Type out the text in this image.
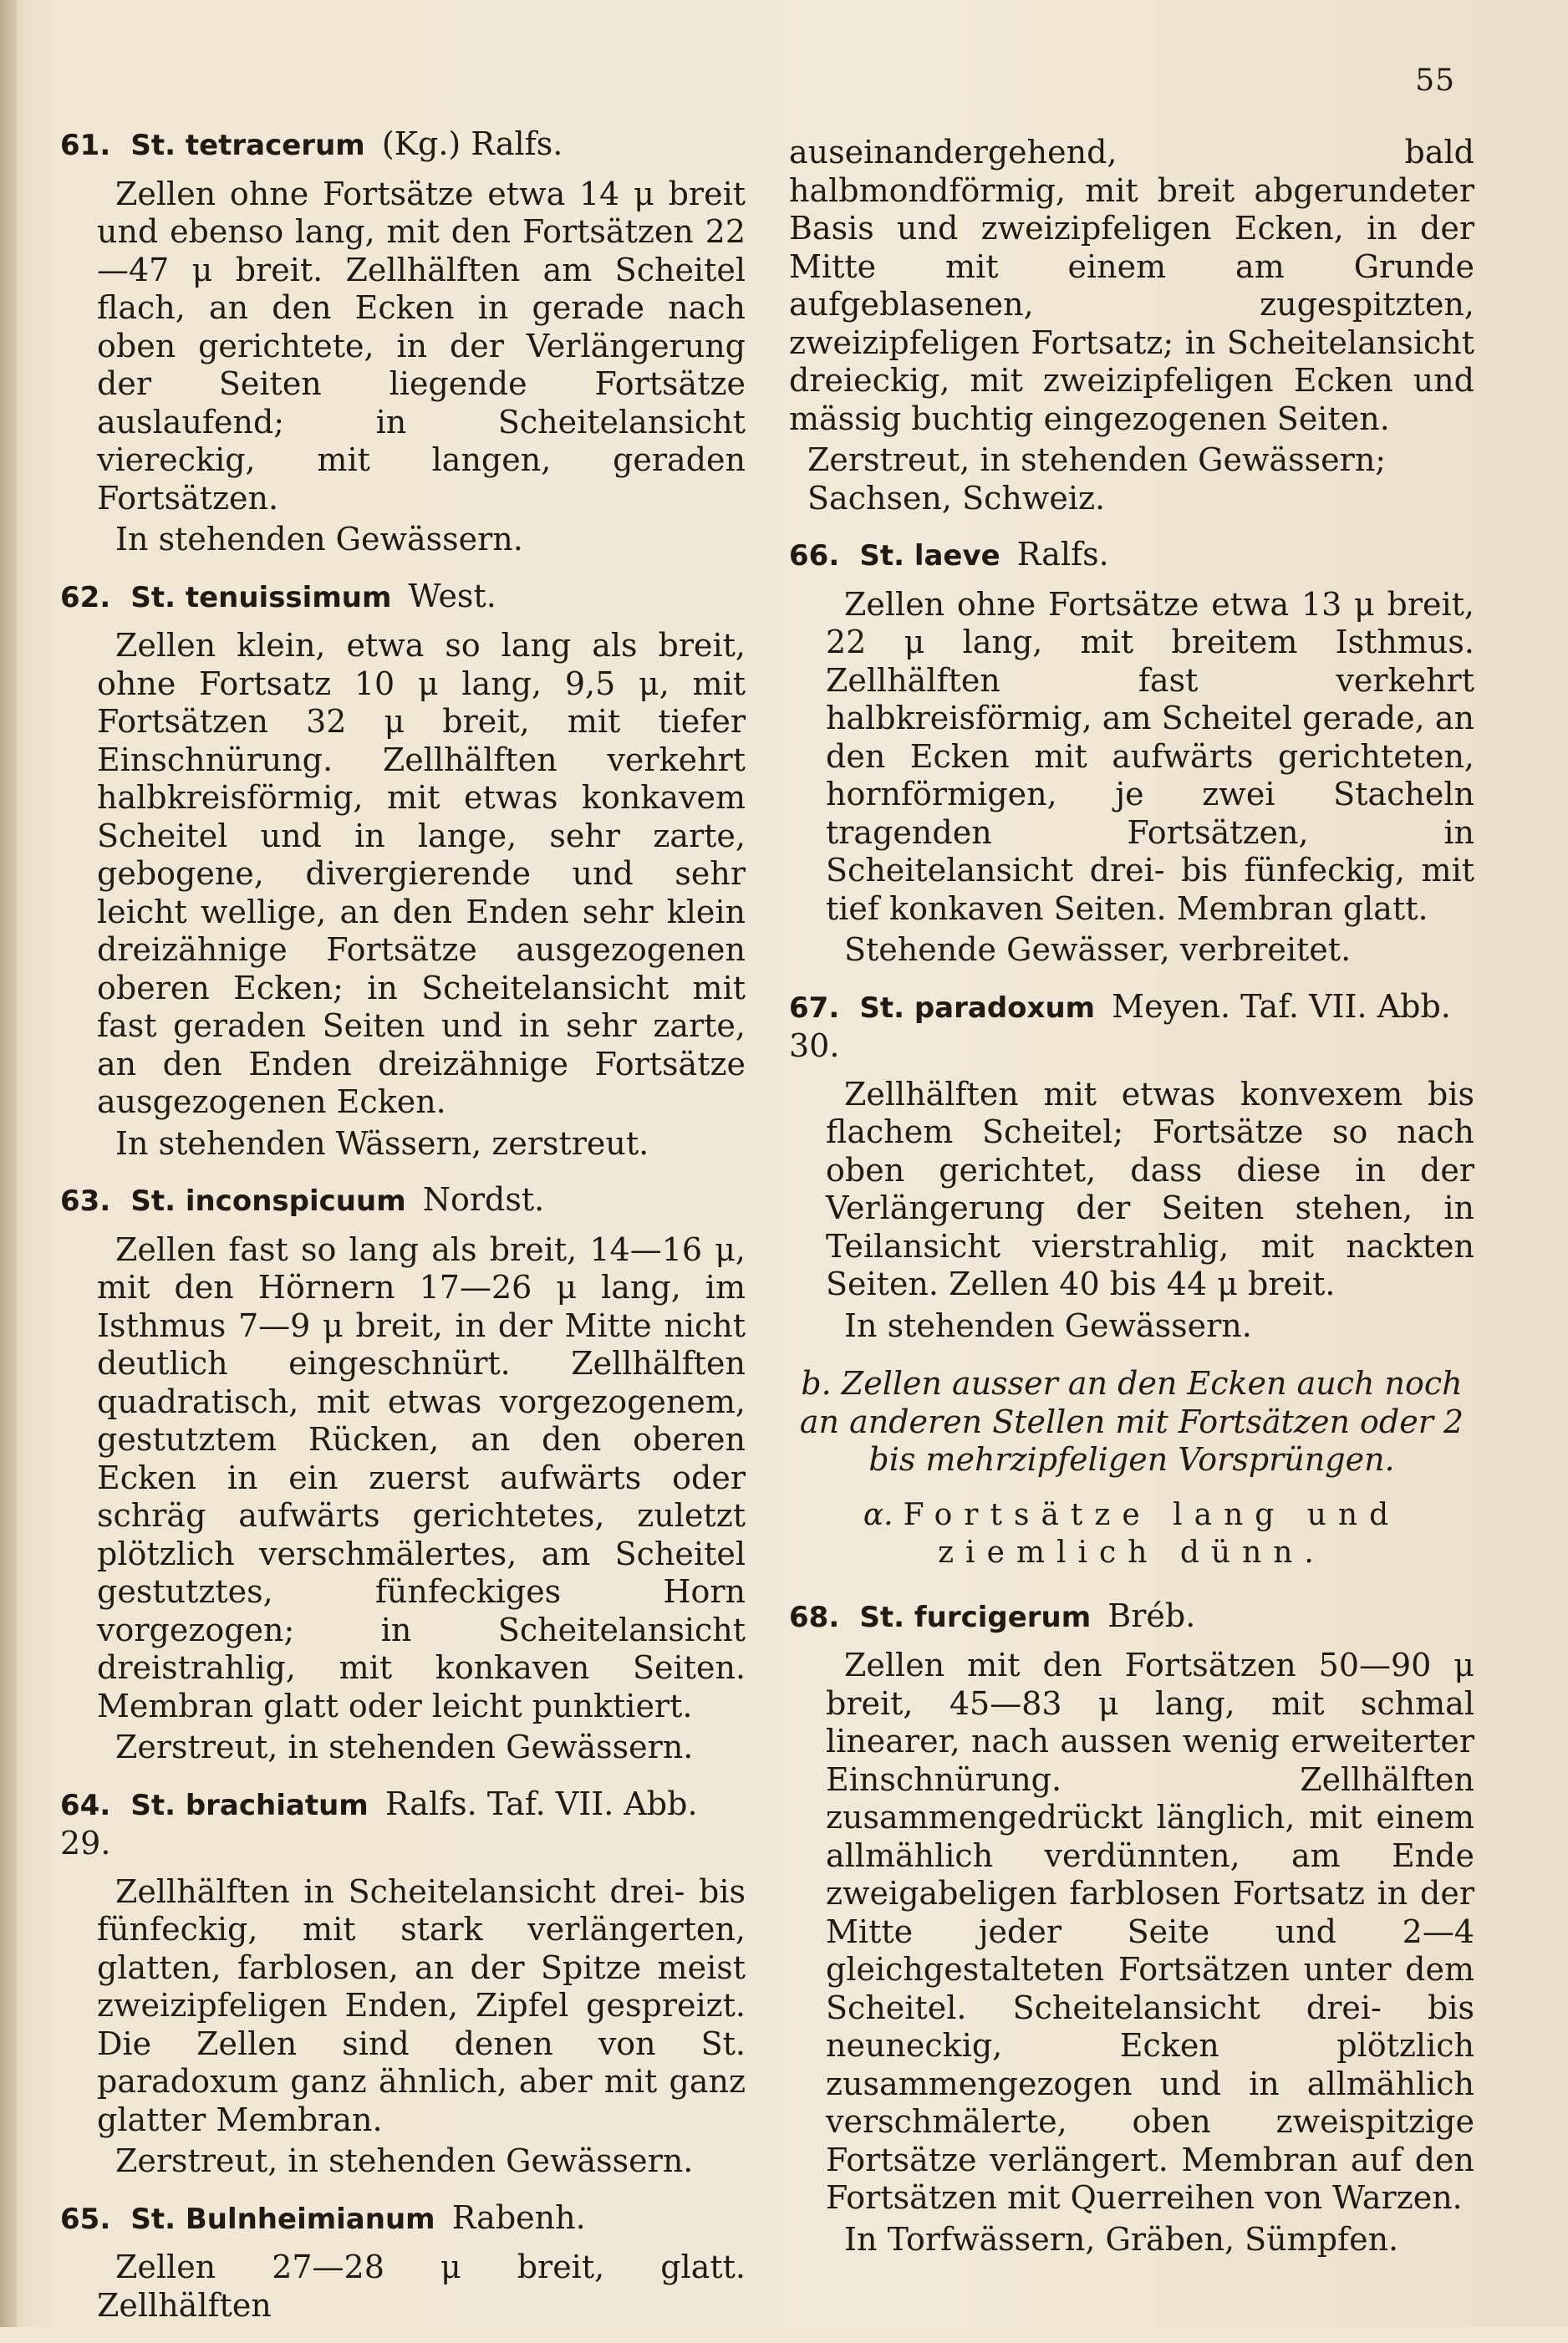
55
61. St. tetracerum (Kg.) Ralfs.

Zellen ohne Fortsätze etwa 14 μ breit und ebenso lang, mit den Fortsätzen 22—47 μ breit. Zellhälften am Scheitel flach, an den Ecken in gerade nach oben gerichtete, in der Verlängerung der Seiten liegende Fortsätze auslaufend; in Scheitelansicht viereckig, mit langen, geraden Fortsätzen.

In stehenden Gewässern.

62. St. tenuissimum West.

Zellen klein, etwa so lang als breit, ohne Fortsatz 10 μ lang, 9,5 μ, mit Fortsätzen 32 μ breit, mit tiefer Einschnürung. Zellhälften verkehrt halbkreisförmig, mit etwas konkavem Scheitel und in lange, sehr zarte, gebogene, divergierende und sehr leicht wellige, an den Enden sehr klein dreizähnige Fortsätze ausgezogenen oberen Ecken; in Scheitelansicht mit fast geraden Seiten und in sehr zarte, an den Enden dreizähnige Fortsätze ausgezogenen Ecken.

In stehenden Wässern, zerstreut.

63. St. inconspicuum Nordst.

Zellen fast so lang als breit, 14—16 μ, mit den Hörnern 17—26 μ lang, im Isthmus 7—9 μ breit, in der Mitte nicht deutlich eingeschnürt. Zellhälften quadratisch, mit etwas vorgezogenem, gestutztem Rücken, an den oberen Ecken in ein zuerst aufwärts oder schräg aufwärts gerichtetes, zuletzt plötzlich verschmälertes, am Scheitel gestutztes, fünfeckiges Horn vorgezogen; in Scheitelansicht dreistrahlig, mit konkaven Seiten. Membran glatt oder leicht punktiert.

Zerstreut, in stehenden Gewässern.

64. St. brachiatum Ralfs. Taf. VII. Abb. 29.

Zellhälften in Scheitelansicht drei- bis fünfeckig, mit stark verlängerten, glatten, farblosen, an der Spitze meist zweizipfeligen Enden, Zipfel gespreizt. Die Zellen sind denen von St. paradoxum ganz ähnlich, aber mit ganz glatter Membran.

Zerstreut, in stehenden Gewässern.

65. St. Bulnheimianum Rabenh.

Zellen 27—28 μ breit, glatt. Zellhälften

auseinandergehend, bald halbmondförmig, mit breit abgerundeter Basis und zweizipfeligen Ecken, in der Mitte mit einem am Grunde aufgeblasenen, zugespitzten, zweizipfeligen Fortsatz; in Scheitelansicht dreieckig, mit zweizipfeligen Ecken und mässig buchtig eingezogenen Seiten.

Zerstreut, in stehenden Gewässern; Sachsen, Schweiz.

66. St. laeve Ralfs.

Zellen ohne Fortsätze etwa 13 μ breit, 22 μ lang, mit breitem Isthmus. Zellhälften fast verkehrt halbkreisförmig, am Scheitel gerade, an den Ecken mit aufwärts gerichteten, hornförmigen, je zwei Stacheln tragenden Fortsätzen, in Scheitelansicht drei- bis fünfeckig, mit tief konkaven Seiten. Membran glatt.

Stehende Gewässer, verbreitet.

67. St. paradoxum Meyen. Taf. VII. Abb. 30.

Zellhälften mit etwas konvexem bis flachem Scheitel; Fortsätze so nach oben gerichtet, dass diese in der Verlängerung der Seiten stehen, in Teilansicht vierstrahlig, mit nackten Seiten. Zellen 40 bis 44 μ breit.

In stehenden Gewässern.

b. Zellen ausser an den Ecken auch noch an anderen Stellen mit Fortsätzen oder 2 bis mehrzipfeligen Vorsprüngen.

α. Fortsätze lang und ziemlich dünn.

68. St. furcigerum Bréb.

Zellen mit den Fortsätzen 50—90 μ breit, 45—83 μ lang, mit schmal linearer, nach aussen wenig erweiterter Einschnürung. Zellhälften zusammengedrückt länglich, mit einem allmählich verdünnten, am Ende zweigabeligen farblosen Fortsatz in der Mitte jeder Seite und 2—4 gleichgestalteten Fortsätzen unter dem Scheitel. Scheitelansicht drei- bis neuneckig, Ecken plötzlich zusammengezogen und in allmählich verschmälerte, oben zweispitzige Fortsätze verlängert. Membran auf den Fortsätzen mit Querreihen von Warzen.

In Torfwässern, Gräben, Sümpfen.
